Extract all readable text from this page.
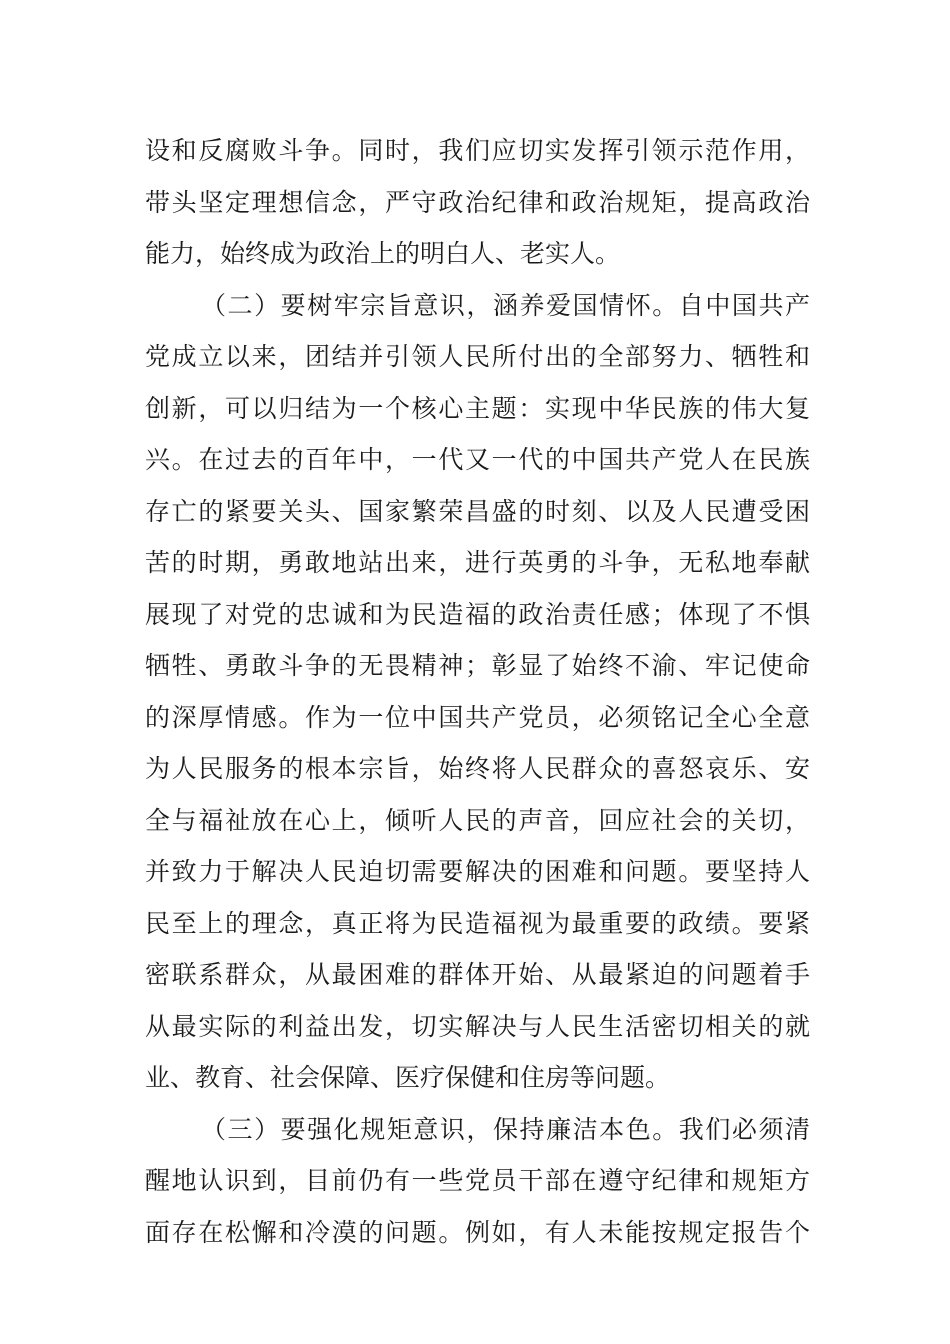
设和反腐败斗争。同时，我们应切实发挥引领示范作用，
带头坚定理想信念，严守政治纪律和政治规矩，提高政治
能力，始终成为政治上的明白人、老实人。
（二）要树牢宗旨意识，涵养爱国情怀。自中国共产
党成立以来，团结并引领人民所付出的全部努力、牺牲和
创新，可以归结为一个核心主题：实现中华民族的伟大复
兴。在过去的百年中，一代又一代的中国共产党人在民族
存亡的紧要关头、国家繁荣昌盛的时刻、以及人民遭受困
苦的时期，勇敢地站出来，进行英勇的斗争，无私地奉献
展现了对党的忠诚和为民造福的政治责任感；体现了不惧
牺牲、勇敢斗争的无畏精神；彰显了始终不渝、牢记使命
的深厚情感。作为一位中国共产党员，必须铭记全心全意
为人民服务的根本宗旨，始终将人民群众的喜怒哀乐、安
全与福祉放在心上，倾听人民的声音，回应社会的关切，
并致力于解决人民迫切需要解决的困难和问题。要坚持人
民至上的理念，真正将为民造福视为最重要的政绩。要紧
密联系群众，从最困难的群体开始、从最紧迫的问题着手
从最实际的利益出发，切实解决与人民生活密切相关的就
业、教育、社会保障、医疗保健和住房等问题。
（三）要强化规矩意识，保持廉洁本色。我们必须清
醒地认识到，目前仍有一些党员干部在遵守纪律和规矩方
面存在松懈和冷漠的问题。例如，有人未能按规定报告个
